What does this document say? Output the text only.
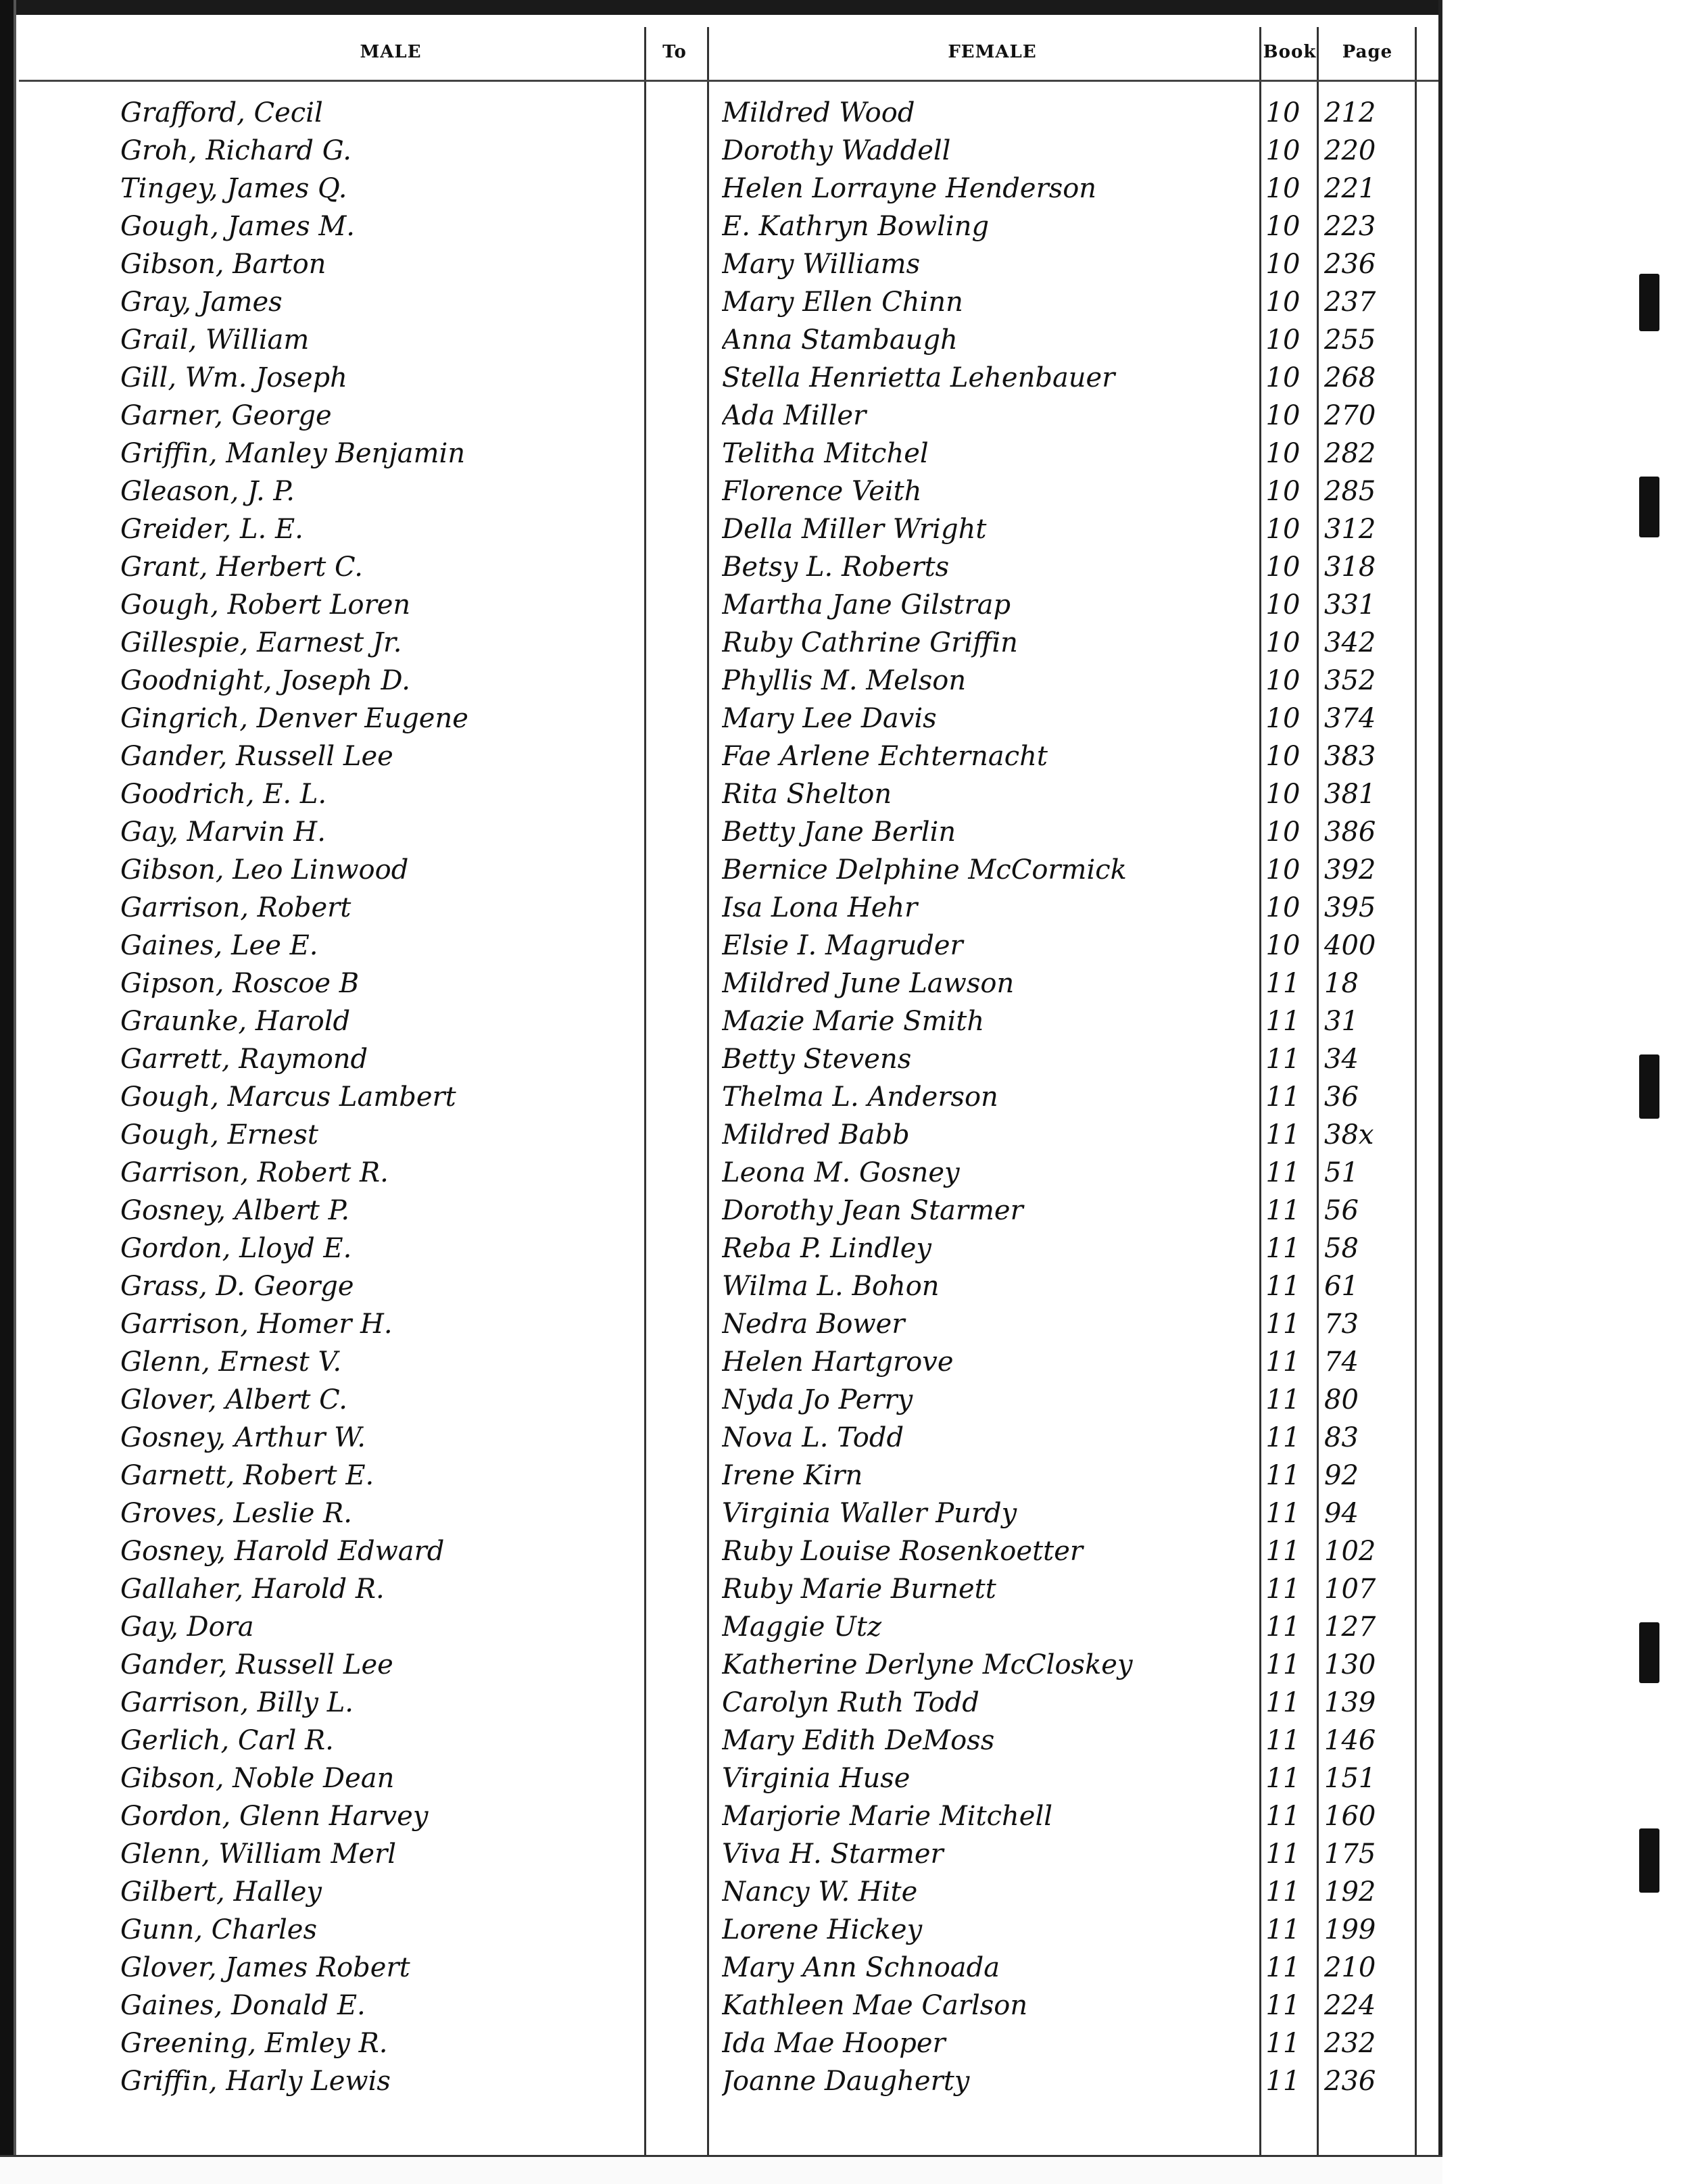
MALE	To	FEMALE	Book	Page
Grafford, Cecil	Mildred Wood	10 212
Groh, Richard G.	Dorothy Waddell	10 220
Tingey, James Q.	Helen Lorrayne Henderson	10 221
Gough, James M.	E. Kathryn Bowling	10 223
Gibson, Barton	Mary Williams	10 236
Gray, James	Mary Ellen Chinn	10 237
Grail, William	Anna Stambaugh	10 255
Gill, Wm. Joseph	Stella Henrietta Lehenbauer	10 268
Garner, George	Ada Miller	10 270
Griffin, Manley Benjamin	Telitha Mitchel	10 282
Gleason, J. P.	Florence Veith	10 285
Greider, L. E.	Della Miller Wright	10 312
Grant, Herbert C.	Betsy L. Roberts	10 318
Gough, Robert Loren	Martha Jane Gilstrap	10 331
Gillespie, Earnest Jr.	Ruby Cathrine Griffin	10 342
Goodnight, Joseph D.	Phyllis M. Melson	10 352
Gingrich, Denver Eugene	Mary Lee Davis	10 374
Gander, Russell Lee	Fae Arlene Echternacht	10 383
Goodrich, E. L.	Rita Shelton	10 381
Gay, Marvin H.	Betty Jane Berlin	10 386
Gibson, Leo Linwood	Bernice Delphine McCormick	10 392
Garrison, Robert	Isa Lona Hehr	10 395
Gaines, Lee E.	Elsie I. Magruder	10 400
Gipson, Roscoe B	Mildred June Lawson	11 18
Graunke, Harold	Mazie Marie Smith	11 31
Garrett, Raymond	Betty Stevens	11 34
Gough, Marcus Lambert	Thelma L. Anderson	11 36
Gough, Ernest	Mildred Babb	11 38x
Garrison, Robert R.	Leona M. Gosney	11 51
Gosney, Albert P.	Dorothy Jean Starmer	11 56
Gordon, Lloyd E.	Reba P. Lindley	11 58
Grass, D. George	Wilma L. Bohon	11 61
Garrison, Homer H.	Nedra Bower	11 73
Glenn, Ernest V.	Helen Hartgrove	11 74
Glover, Albert C.	Nyda Jo Perry	11 80
Gosney, Arthur W.	Nova L. Todd	11 83
Garnett, Robert E.	Irene Kirn	11 92
Groves, Leslie R.	Virginia Waller Purdy	11 94
Gosney, Harold Edward	Ruby Louise Rosenkoetter	11 102
Gallaher, Harold R.	Ruby Marie Burnett	11 107
Gay, Dora	Maggie Utz	11 127
Gander, Russell Lee	Katherine Derlyne McCloskey	11 130
Garrison, Billy L.	Carolyn Ruth Todd	11 139
Gerlich, Carl R.	Mary Edith DeMoss	11 146
Gibson, Noble Dean	Virginia Huse	11 151
Gordon, Glenn Harvey	Marjorie Marie Mitchell	11 160
Glenn, William Merl	Viva H. Starmer	11 175
Gilbert, Halley	Nancy W. Hite	11 192
Gunn, Charles	Lorene Hickey	11 199
Glover, James Robert	Mary Ann Schnoada	11 210
Gaines, Donald E.	Kathleen Mae Carlson	11 224
Greening, Emley R.	Ida Mae Hooper	11 232
Griffin, Harly Lewis	Joanne Daugherty	11 236
